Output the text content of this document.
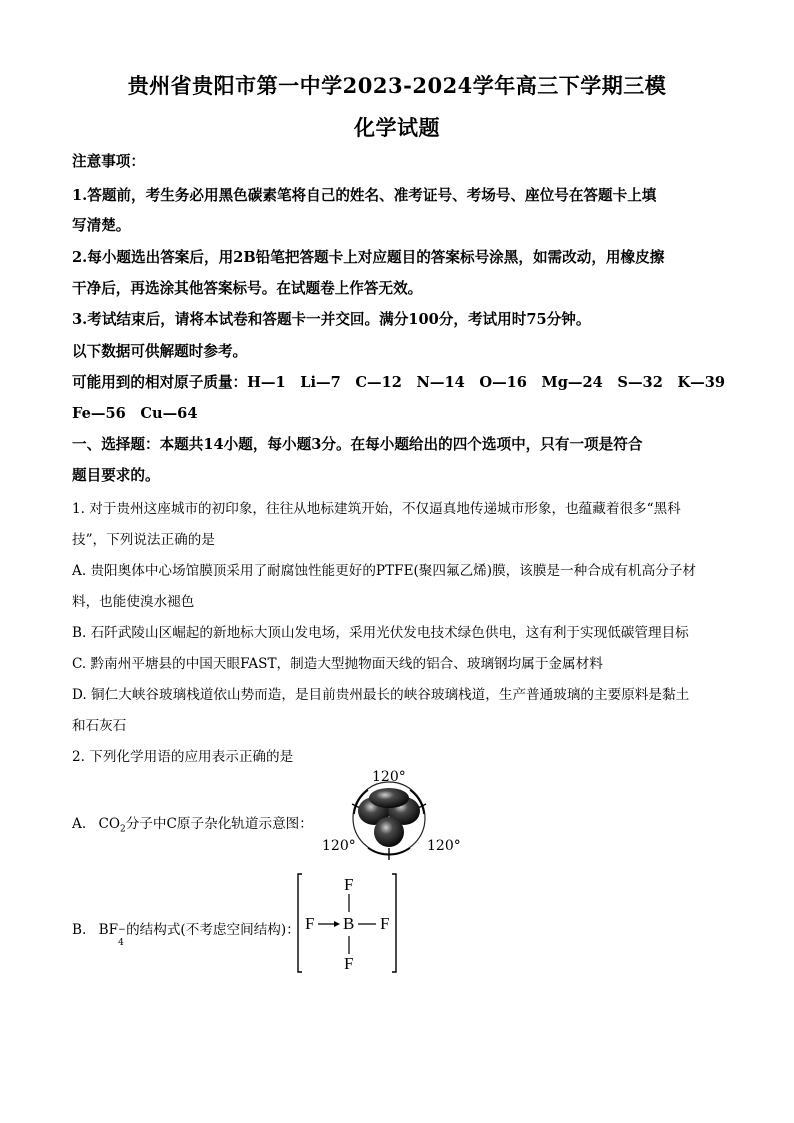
贵州省贵阳市第一中学2023-2024学年高三下学期三模
化学试题
注意事项：
1.答题前，考生务必用黑色碳素笔将自己的姓名、准考证号、考场号、座位号在答题卡上填
写清楚。
2.每小题选出答案后，用2B铅笔把答题卡上对应题目的答案标号涂黑，如需改动，用橡皮擦
干净后，再选涂其他答案标号。在试题卷上作答无效。
3.考试结束后，请将本试卷和答题卡一并交回。满分100分，考试用时75分钟。
以下数据可供解题时参考。
可能用到的相对原子质量：H—1　Li—7　C—12　N—14　O—16　Mg—24　S—32　K—39
Fe—56　Cu—64
一、选择题：本题共14小题，每小题3分。在每小题给出的四个选项中，只有一项是符合
题目要求的。
1. 对于贵州这座城市的初印象，往往从地标建筑开始，不仅逼真地传递城市形象，也蕴藏着很多“黑科
技”，下列说法正确的是
A. 贵阳奥体中心场馆膜顶采用了耐腐蚀性能更好的PTFE(聚四氟乙烯)膜，该膜是一种合成有机高分子材
料，也能使溴水褪色
B. 石阡武陵山区崛起的新地标大顶山发电场，采用光伏发电技术绿色供电，这有利于实现低碳管理目标
C. 黔南州平塘县的中国天眼FAST，制造大型抛物面天线的铝合、玻璃钢均属于金属材料
D. 铜仁大峡谷玻璃栈道依山势而造，是目前贵州最长的峡谷玻璃栈道，生产普通玻璃的主要原料是黏土
和石灰石
2. 下列化学用语的应用表示正确的是
A. $CO_2$分子中C原子杂化轨道示意图：
120°
120°	120°
B. BF −
4
的结构式(不考虑空间结构)：
F
F B F
F
